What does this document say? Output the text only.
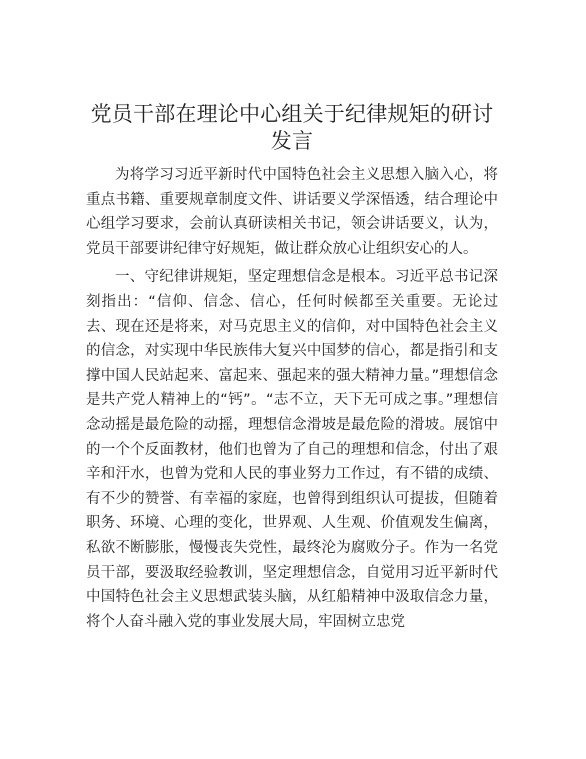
党员干部在理论中心组关于纪律规矩的研讨发言

为将学习习近平新时代中国特色社会主义思想入脑入心，将重点书籍、重要规章制度文件、讲话要义学深悟透，结合理论中心组学习要求，会前认真研读相关书记，领会讲话要义，认为，党员干部要讲纪律守好规矩，做让群众放心让组织安心的人。

一、守纪律讲规矩，坚定理想信念是根本。习近平总书记深刻指出：“信仰、信念、信心，任何时候都至关重要。无论过去、现在还是将来，对马克思主义的信仰，对中国特色社会主义的信念，对实现中华民族伟大复兴中国梦的信心，都是指引和支撑中国人民站起来、富起来、强起来的强大精神力量。”理想信念是共产党人精神上的“钙”。“志不立，天下无可成之事。”理想信念动摇是最危险的动摇，理想信念滑坡是最危险的滑坡。展馆中的一个个反面教材，他们也曾为了自己的理想和信念，付出了艰辛和汗水，也曾为党和人民的事业努力工作过，有不错的成绩、有不少的赞誉、有幸福的家庭，也曾得到组织认可提拔，但随着职务、环境、心理的变化，世界观、人生观、价值观发生偏离，私欲不断膨胀，慢慢丧失党性，最终沦为腐败分子。作为一名党员干部，要汲取经验教训，坚定理想信念，自觉用习近平新时代中国特色社会主义思想武装头脑，从红船精神中汲取信念力量，将个人奋斗融入党的事业发展大局，牢固树立忠党
